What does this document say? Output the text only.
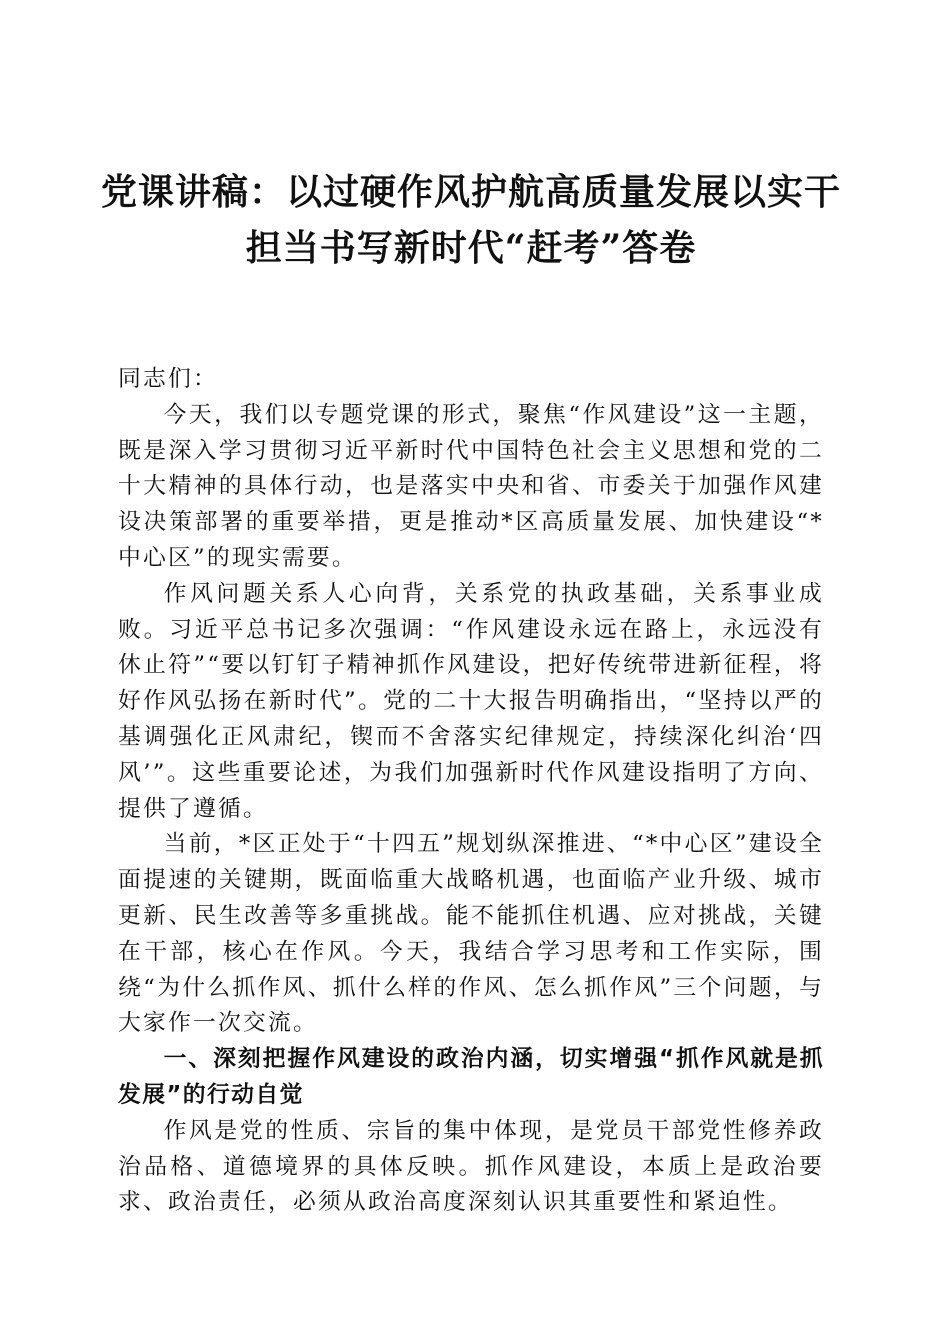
党课讲稿：以过硬作风护航高质量发展以实干
担当书写新时代“赶考”答卷

同志们：

今天，我们以专题党课的形式，聚焦“作风建设”这一主题，既是深入学习贯彻习近平新时代中国特色社会主义思想和党的二十大精神的具体行动，也是落实中央和省、市委关于加强作风建设决策部署的重要举措，更是推动*区高质量发展、加快建设“*中心区”的现实需要。

作风问题关系人心向背，关系党的执政基础，关系事业成败。习近平总书记多次强调：“作风建设永远在路上，永远没有休止符”“要以钉钉子精神抓作风建设，把好传统带进新征程，将好作风弘扬在新时代”。党的二十大报告明确指出，“坚持以严的基调强化正风肃纪，锲而不舍落实纪律规定，持续深化纠治‘四风’”。这些重要论述，为我们加强新时代作风建设指明了方向、提供了遵循。

当前，*区正处于“十四五”规划纵深推进、“*中心区”建设全面提速的关键期，既面临重大战略机遇，也面临产业升级、城市更新、民生改善等多重挑战。能不能抓住机遇、应对挑战，关键在干部，核心在作风。今天，我结合学习思考和工作实际，围绕“为什么抓作风、抓什么样的作风、怎么抓作风”三个问题，与大家作一次交流。

一、深刻把握作风建设的政治内涵，切实增强“抓作风就是抓发展”的行动自觉

作风是党的性质、宗旨的集中体现，是党员干部党性修养政治品格、道德境界的具体反映。抓作风建设，本质上是政治要求、政治责任，必须从政治高度深刻认识其重要性和紧迫性。
